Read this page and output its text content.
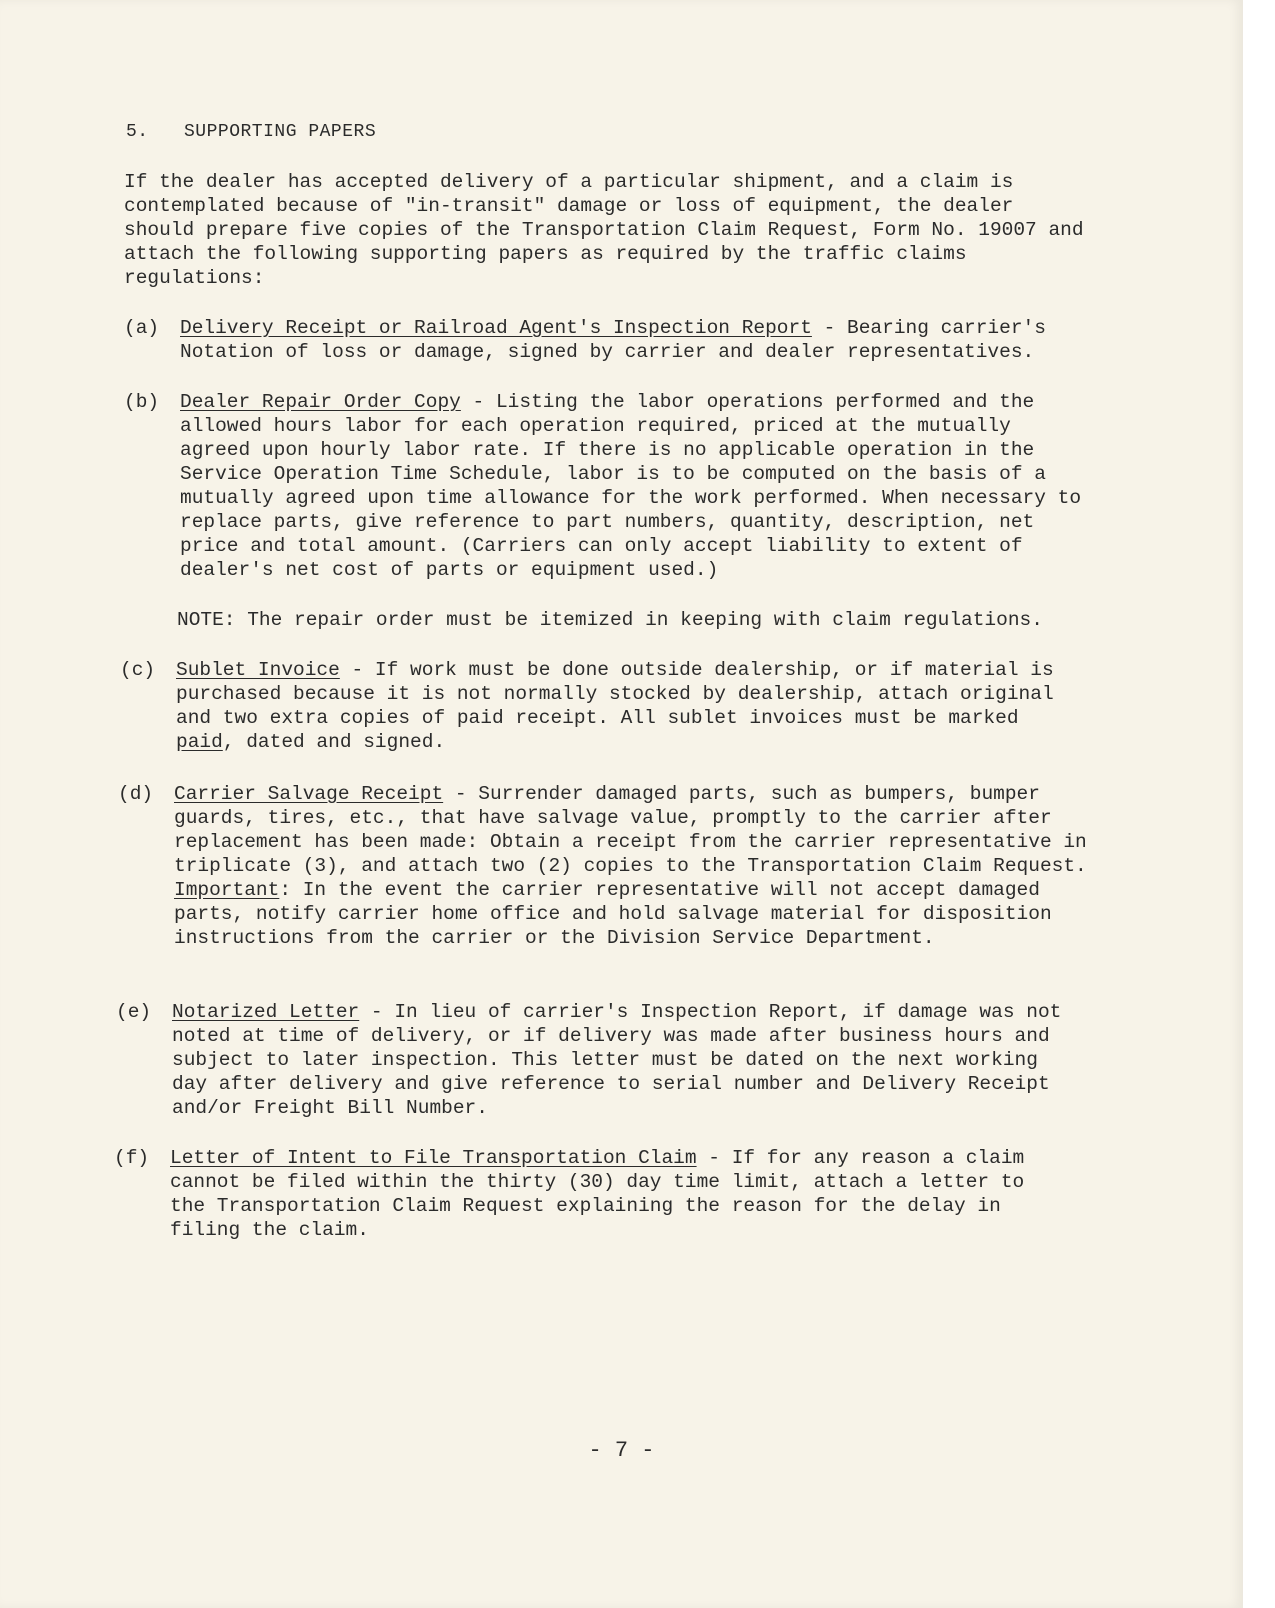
5. SUPPORTING PAPERS
If the dealer has accepted delivery of a particular shipment, and a claim is contemplated because of "in-transit" damage or loss of equipment, the dealer should prepare five copies of the Transportation Claim Request, Form No. 19007 and attach the following supporting papers as required by the traffic claims regulations:
(a) Delivery Receipt or Railroad Agent's Inspection Report - Bearing carrier's Notation of loss or damage, signed by carrier and dealer representatives.
(b) Dealer Repair Order Copy - Listing the labor operations performed and the allowed hours labor for each operation required, priced at the mutually agreed upon hourly labor rate. If there is no applicable operation in the Service Operation Time Schedule, labor is to be computed on the basis of a mutually agreed upon time allowance for the work performed. When necessary to replace parts, give reference to part numbers, quantity, description, net price and total amount. (Carriers can only accept liability to extent of dealer's net cost of parts or equipment used.)
NOTE: The repair order must be itemized in keeping with claim regulations.
(c) Sublet Invoice - If work must be done outside dealership, or if material is purchased because it is not normally stocked by dealership, attach original and two extra copies of paid receipt. All sublet invoices must be marked paid, dated and signed.
(d) Carrier Salvage Receipt - Surrender damaged parts, such as bumpers, bumper guards, tires, etc., that have salvage value, promptly to the carrier after replacement has been made: Obtain a receipt from the carrier representative in triplicate (3), and attach two (2) copies to the Transportation Claim Request. Important: In the event the carrier representative will not accept damaged parts, notify carrier home office and hold salvage material for disposition instructions from the carrier or the Division Service Department.
(e) Notarized Letter - In lieu of carrier's Inspection Report, if damage was not noted at time of delivery, or if delivery was made after business hours and subject to later inspection. This letter must be dated on the next working day after delivery and give reference to serial number and Delivery Receipt and/or Freight Bill Number.
(f) Letter of Intent to File Transportation Claim - If for any reason a claim cannot be filed within the thirty (30) day time limit, attach a letter to the Transportation Claim Request explaining the reason for the delay in filing the claim.
- 7 -
